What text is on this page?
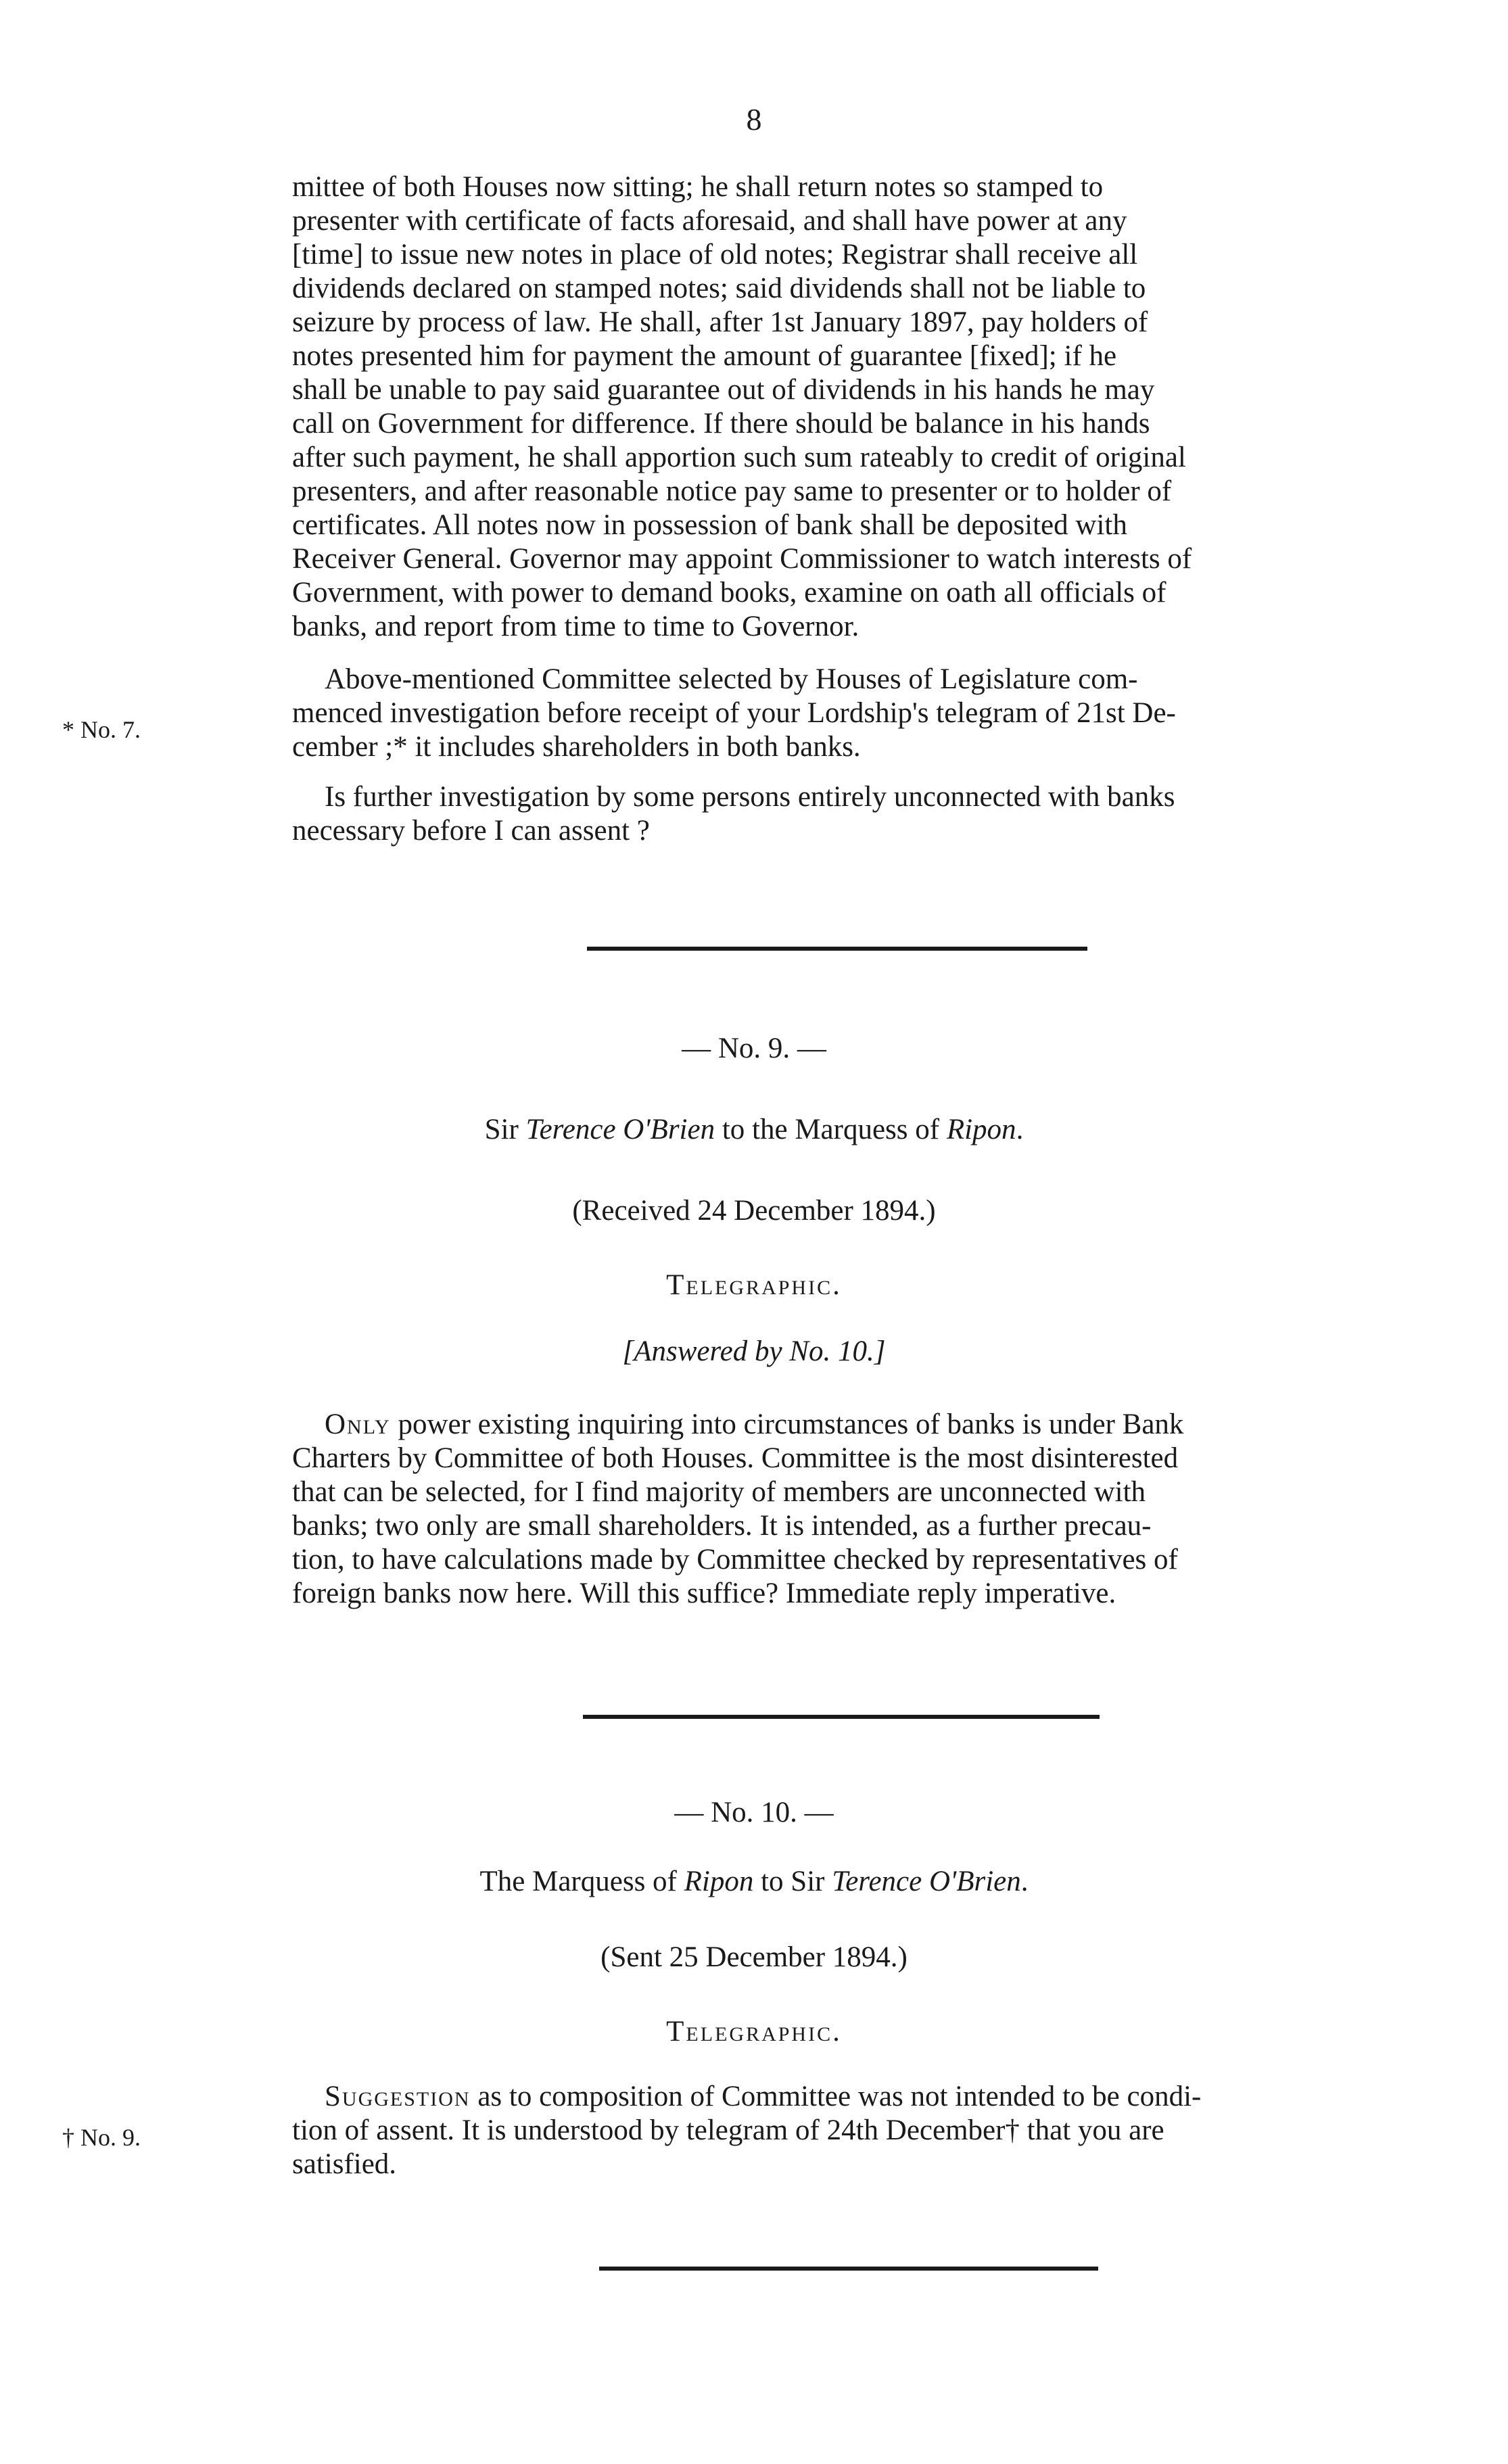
8

mittee of both Houses now sitting; he shall return notes so stamped to
presenter with certificate of facts aforesaid, and shall have power at any
[time] to issue new notes in place of old notes; Registrar shall receive all
dividends declared on stamped notes; said dividends shall not be liable to
seizure by process of law. He shall, after 1st January 1897, pay holders of
notes presented him for payment the amount of guarantee [fixed]; if he
shall be unable to pay said guarantee out of dividends in his hands he may
call on Government for difference. If there should be balance in his hands
after such payment, he shall apportion such sum rateably to credit of original
presenters, and after reasonable notice pay same to presenter or to holder of
certificates. All notes now in possession of bank shall be deposited with
Receiver General. Governor may appoint Commissioner to watch interests of
Government, with power to demand books, examine on oath all officials of
banks, and report from time to time to Governor.

Above-mentioned Committee selected by Houses of Legislature com-
menced investigation before receipt of your Lordship's telegram of 21st De-
cember ;* it includes shareholders in both banks.

* No. 7.

Is further investigation by some persons entirely unconnected with banks
necessary before I can assent ?

— No. 9. —
Sir Terence O'Brien to the Marquess of Ripon.
(Received 24 December 1894.)
Telegraphic.
[Answered by No. 10.]

Only power existing inquiring into circumstances of banks is under Bank
Charters by Committee of both Houses. Committee is the most disinterested
that can be selected, for I find majority of members are unconnected with
banks; two only are small shareholders. It is intended, as a further precau-
tion, to have calculations made by Committee checked by representatives of
foreign banks now here. Will this suffice? Immediate reply imperative.

— No. 10. —
The Marquess of Ripon to Sir Terence O'Brien.
(Sent 25 December 1894.)
Telegraphic.

Suggestion as to composition of Committee was not intended to be condi-
tion of assent. It is understood by telegram of 24th December† that you are
satisfied.

† No. 9.
